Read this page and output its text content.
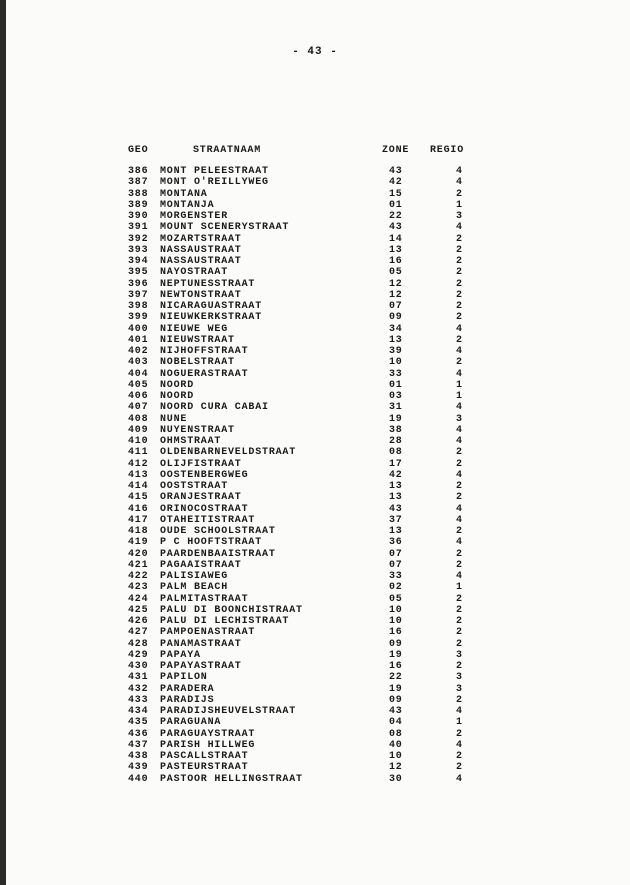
- 43 -
GEO	STRAATNAAM	ZONE REGIO
386 MONT PELEESTRAAT	43	4
387 MONT O'REILLYWEG	42	4
388 MONTANA	15	2
389 MONTANJA	01	1
390 MORGENSTER	22	3
391 MOUNT SCENERYSTRAAT	43	4
392 MOZARTSTRAAT	14	2
393 NASSAUSTRAAT	13	2
394 NASSAUSTRAAT	16	2
395 NAYOSTRAAT	05	2
396 NEPTUNESSTRAAT	12	2
397 NEWTONSTRAAT	12	2
398 NICARAGUASTRAAT	07	2
399 NIEUWKERKSTRAAT	09	2
400 NIEUWE WEG	34	4
401 NIEUWSTRAAT	13	2
402 NIJHOFFSTRAAT	39	4
403 NOBELSTRAAT	10	2
404 NOGUERASTRAAT	33	4
405 NOORD	01	1
406 NOORD	03	1
407 NOORD CURA CABAI	31	4
408 NUNE	19	3
409 NUYENSTRAAT	38	4
410 OHMSTRAAT	28	4
411 OLDENBARNEVELDSTRAAT	08	2
412 OLIJFISTRAAT	17	2
413 OOSTENBERGWEG	42	4
414 OOSTSTRAAT	13	2
415 ORANJESTRAAT	13	2
416 ORINOCOSTRAAT	43	4
417 OTAHEITISTRAAT	37	4
418 OUDE SCHOOLSTRAAT	13	2
419 P C HOOFTSTRAAT	36	4
420 PAARDENBAAISTRAAT	07	2
421 PAGAAISTRAAT	07	2
422 PALISIAWEG	33	4
423 PALM BEACH	02	1
424 PALMITASTRAAT	05	2
425 PALU DI BOONCHISTRAAT	10	2
426 PALU DI LECHISTRAAT	10	2
427 PAMPOENASTRAAT	16	2
428 PANAMASTRAAT	09	2
429 PAPAYA	19	3
430 PAPAYASTRAAT	16	2
431 PAPILON	22	3
432 PARADERA	19	3
433 PARADIJS	09	2
434 PARADIJSHEUVELSTRAAT	43	4
435 PARAGUANA	04	1
436 PARAGUAYSTRAAT	08	2
437 PARISH HILLWEG	40	4
438 PASCALLSTRAAT	10	2
439 PASTEURSTRAAT	12	2
440 PASTOOR HELLINGSTRAAT	30	4
